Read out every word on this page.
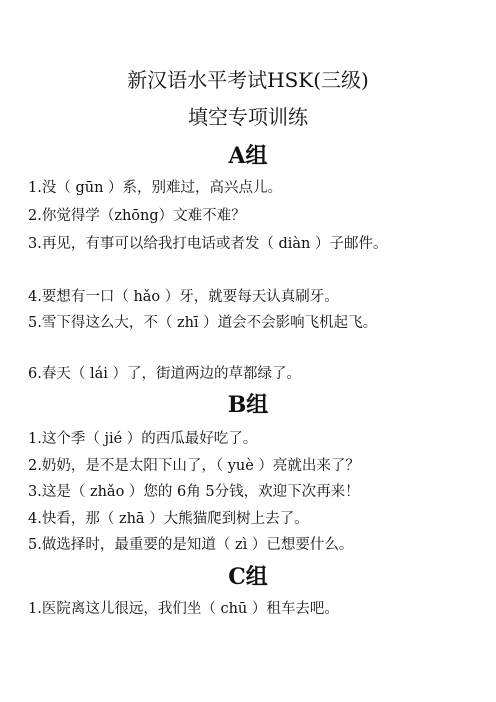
新汉语水平考试HSK(三级)
填空专项训练
A组

1.没（ gūn ）系，别难过，高兴点儿。

2.你觉得学（zhōng）文难不难？

3.再见，有事可以给我打电话或者发（ diàn ）子邮件。

4.要想有一口（ hǎo ）牙，就要每天认真刷牙。

5.雪下得这么大，不（ zhī ）道会不会影响飞机起飞。

6.春天（ lái ）了，街道两边的草都绿了。

B组

1.这个季（ jié ）的西瓜最好吃了。

2.奶奶，是不是太阳下山了，（ yuè ）亮就出来了？

3.这是（ zhǎo ）您的 6角 5分钱，欢迎下次再来！

4.快看，那（ zhā ）大熊猫爬到树上去了。

5.做选择时，最重要的是知道（ zì ）已想要什么。

C组

1.医院离这儿很远，我们坐（ chū ）租车去吧。
